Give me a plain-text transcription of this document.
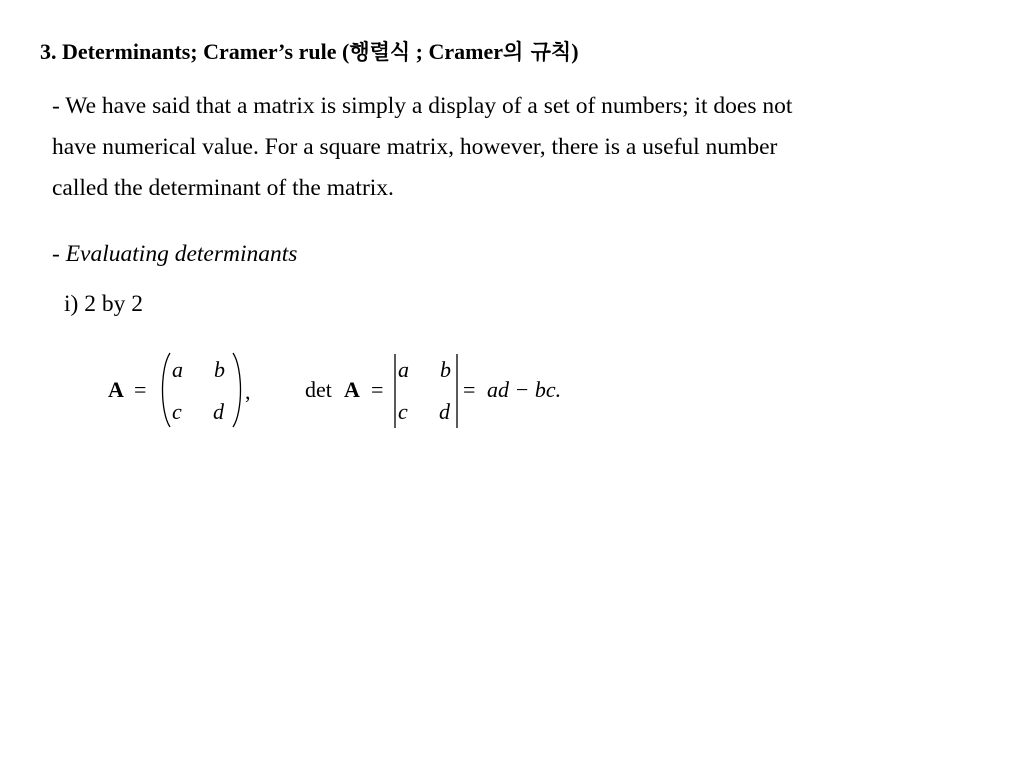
3. Determinants; Cramer’s rule (행렬식 ; Cramer의 규칙)
- We have said that a matrix is simply a display of a set of numbers; it does not
have numerical value. For a square matrix, however, there is a useful number
called the determinant of the matrix.
- Evaluating determinants
i) 2 by 2
A =
a b
c d
, det A =
a b
c d
= ad − bc.
